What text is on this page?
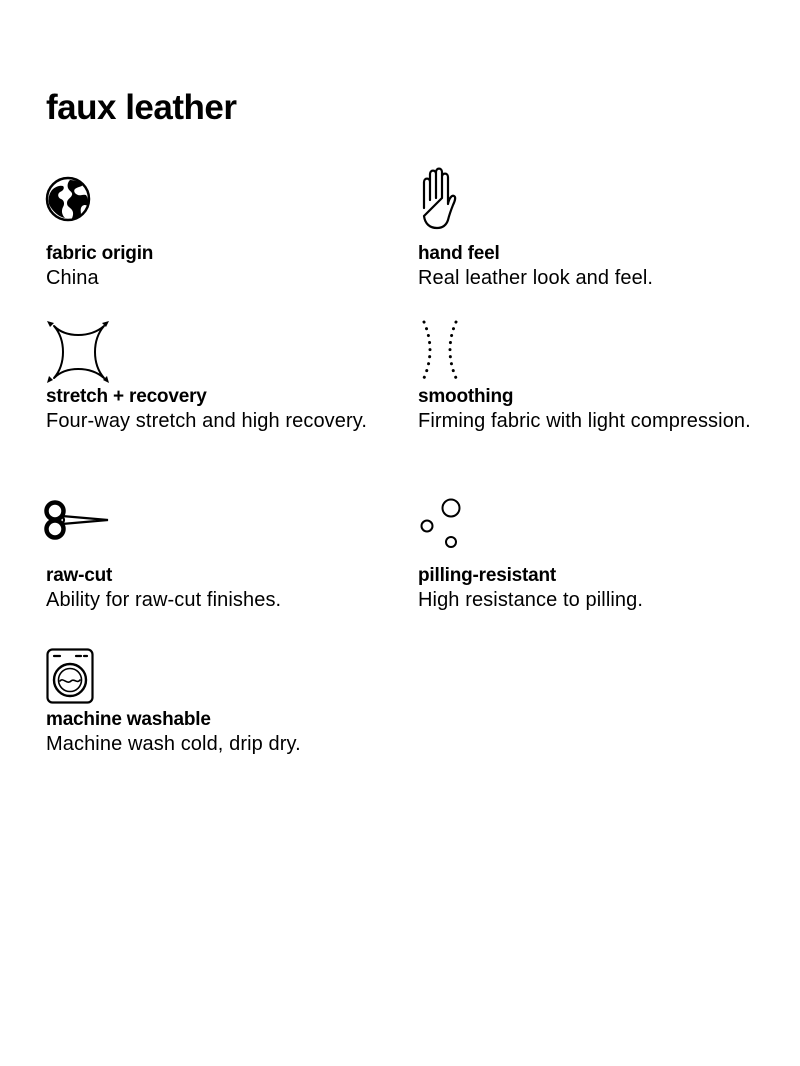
faux leather

fabric origin

China

hand feel

Real leather look and feel.

stretch + recovery

Four-way stretch and high recovery.

smoothing

Firming fabric with light compression.

raw-cut

Ability for raw-cut finishes.

pilling-resistant

High resistance to pilling.

machine washable

Machine wash cold, drip dry.
